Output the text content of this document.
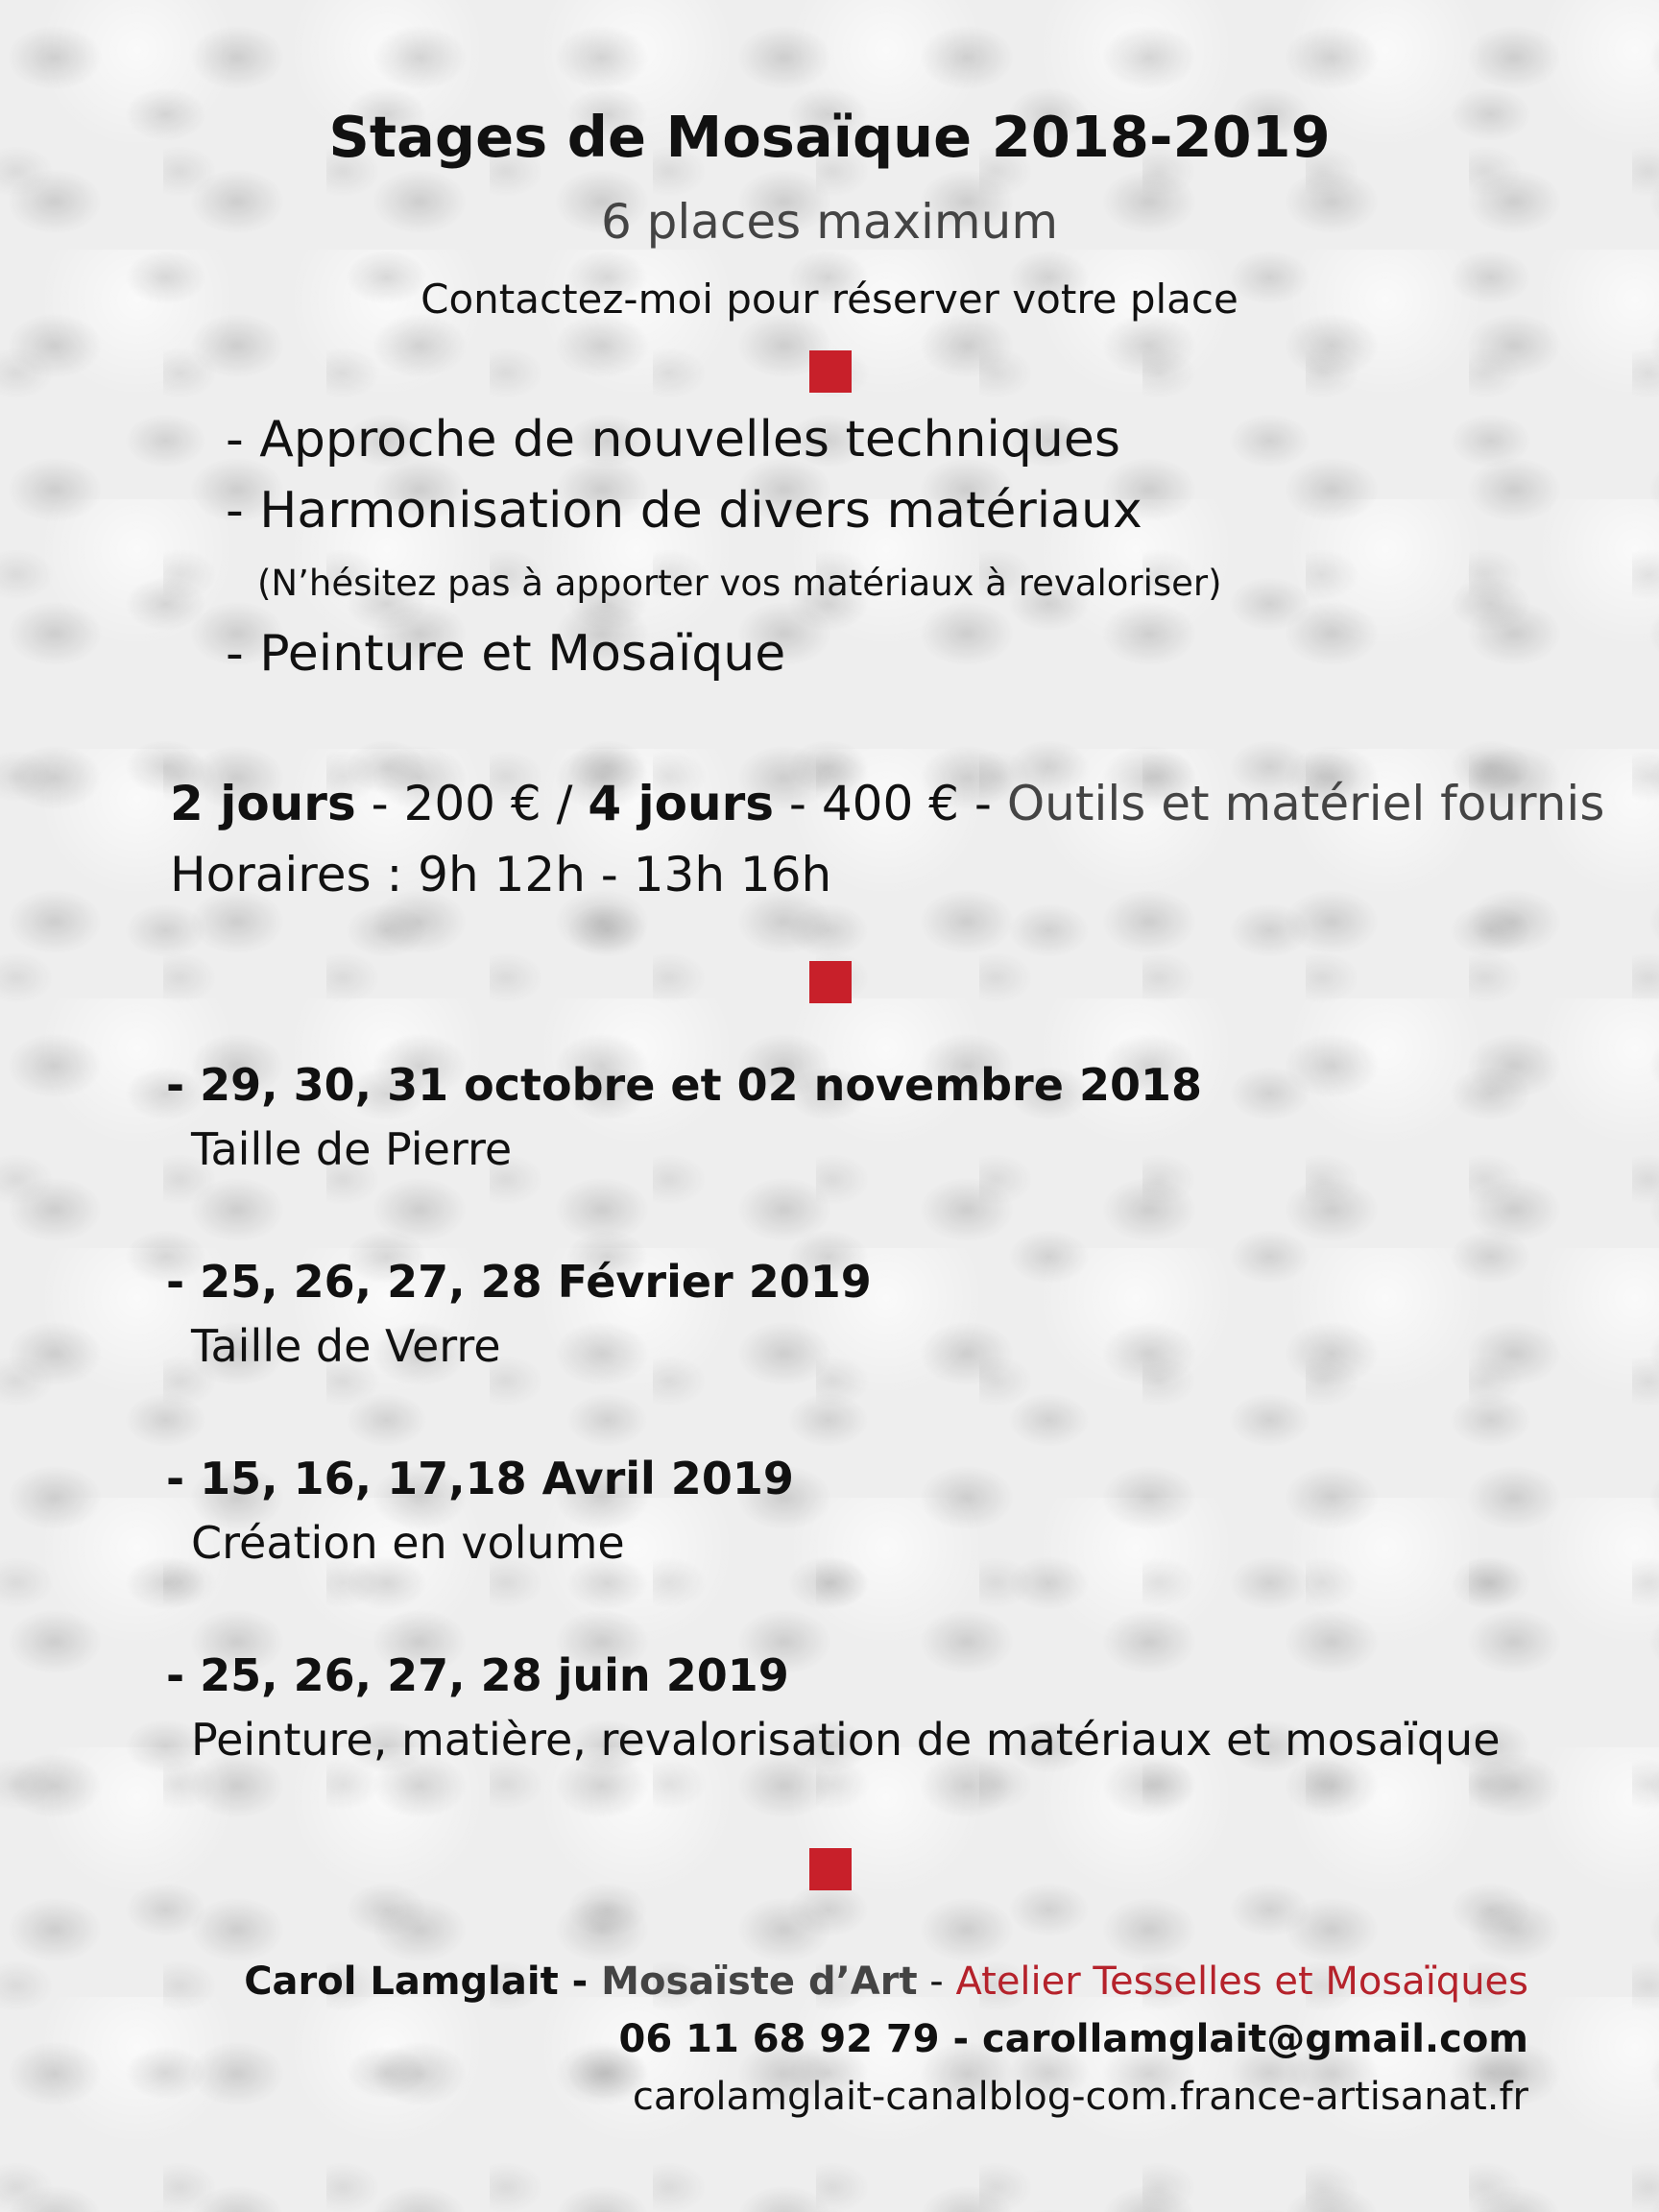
Stages de Mosaïque 2018-2019
6 places maximum
Contactez-moi pour réserver votre place
- Approche de nouvelles techniques
- Harmonisation de divers matériaux
(N’hésitez pas à apporter vos matériaux à revaloriser)
- Peinture et Mosaïque
2 jours - 200 € / 4 jours - 400 € - Outils et matériel fournis
Horaires : 9h 12h - 13h 16h
- 29, 30, 31 octobre et 02 novembre 2018
Taille de Pierre
- 25, 26, 27, 28 Février 2019
Taille de Verre
- 15, 16, 17,18 Avril 2019
Création en volume
- 25, 26, 27, 28 juin 2019
Peinture, matière, revalorisation de matériaux et mosaïque
Carol Lamglait - Mosaïste d’Art - Atelier Tesselles et Mosaïques
06 11 68 92 79 - carollamglait@gmail.com
carolamglait-canalblog-com.france-artisanat.fr
